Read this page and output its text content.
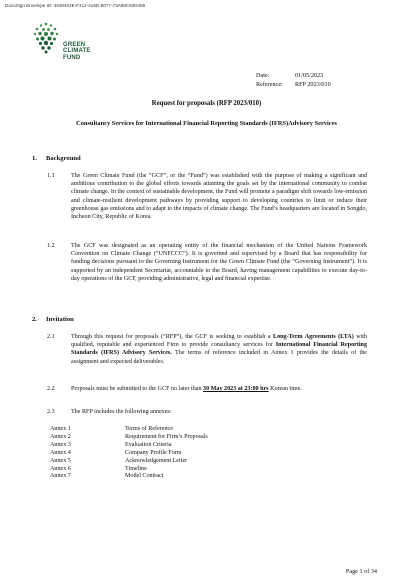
DocuSign Envelope ID: 4548402E-F412-415D-8077-73A88C93D458
GREEN
CLIMATE
FUND
Date:	01/05/2023
Reference:	RFP 2023/010
Request for proposals (RFP 2023/010)
Consultancy Services for International Financial Reporting Standards (IFRS)Advisory Services
1. Background
1.1	The Green Climate Fund (the “GCF”, or the “Fund”) was established with the purpose of making a significant and ambitious contribution to the global efforts towards attaining the goals set by the international community to combat climate change. In the context of sustainable development, the Fund will promote a paradigm shift towards low-emission and climate-resilient development pathways by providing support to developing countries to limit or reduce their greenhouse gas emissions and to adapt to the impacts of climate change. The Fund’s headquarters are located in Songdo, Incheon City, Republic of Korea.
1.2	The GCF was designated as an operating entity of the financial mechanism of the United Nations Framework Convention on Climate Change (“UNFCCC”). It is governed and supervised by a Board that has responsibility for funding decisions pursuant to the Governing Instrument for the Green Climate Fund (the “Governing Instrument”). It is supported by an independent Secretariat, accountable to the Board, having management capabilities to execute day-to-day operations of the GCF, providing administrative, legal and financial expertise.
2. Invitation
2.1	Through this request for proposals (“RFP”), the GCF is seeking to establish a Long-Term Agreements (LTA) with qualified, reputable and experienced Firm to provide consultancy services for International Financial Reporting Standards (IFRS) Advisory Services. The terms of reference included in Annex 1 provides the details of the assignment and expected deliverables.
2.2	Proposals must be submitted to the GCF no later than 30 May 2023 at 23:00 hrs Korean time.
2.3	The RFP includes the following annexes:
Annex 1	Terms of Reference
Annex 2	Requirement for Firm’s Proposals
Annex 3	Evaluation Criteria
Annex 4	Company Profile Form
Annex 5	Acknowledgement Letter
Annex 6	Timeline
Annex 7	Model Contract
Page 1 of 34
